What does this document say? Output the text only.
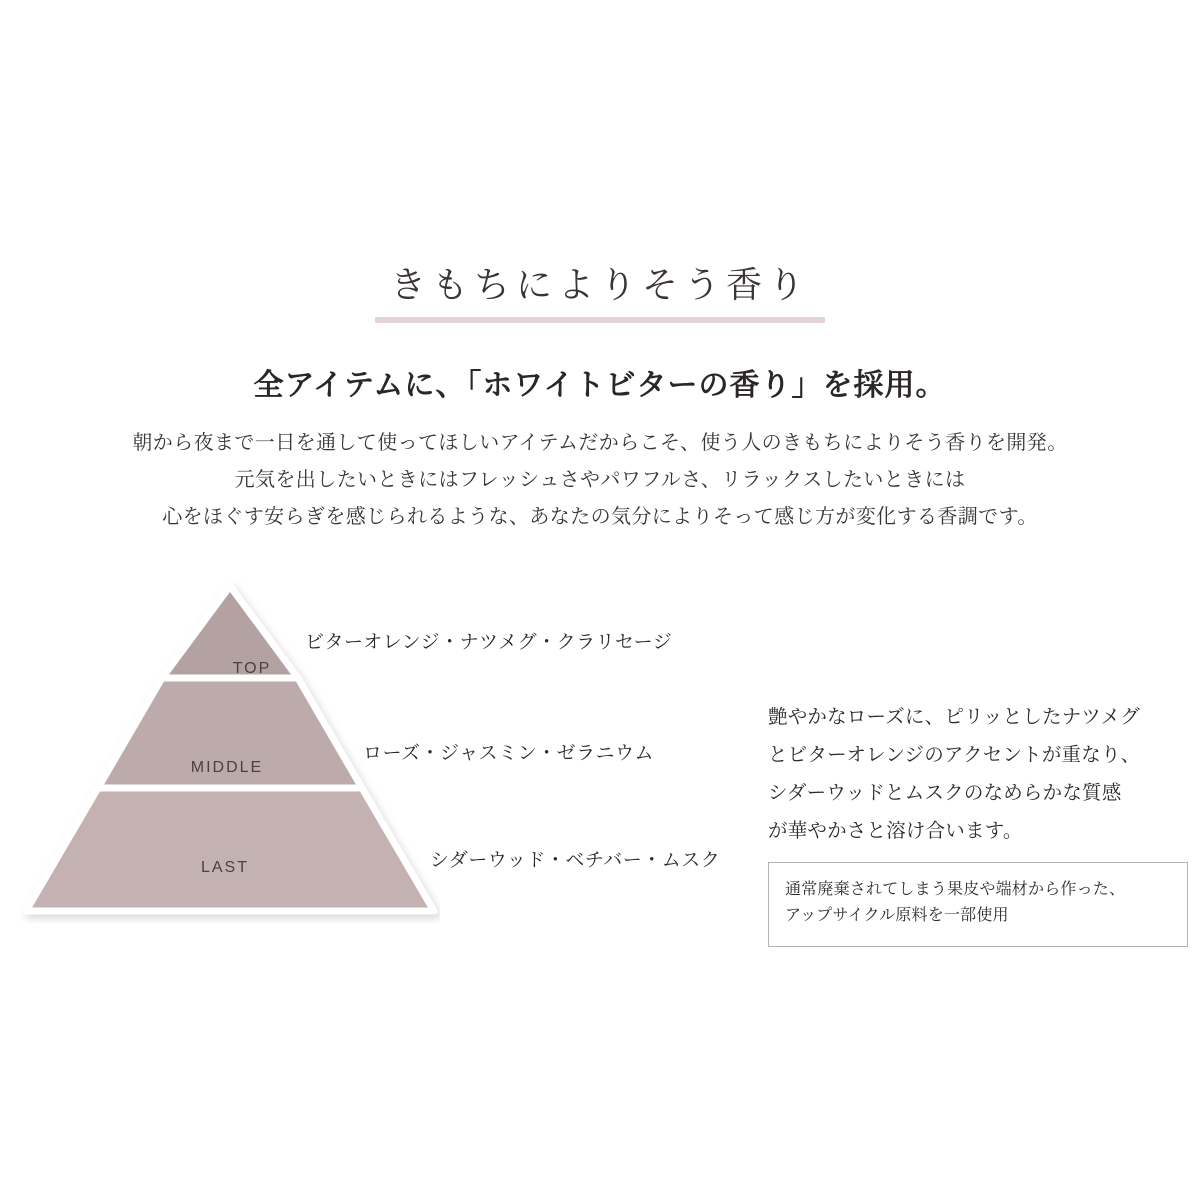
きもちによりそう香り
全アイテムに、「ホワイトビターの香り」を採用。

朝から夜まで一日を通して使ってほしいアイテムだからこそ、使う人のきもちによりそう香りを開発。

元気を出したいときにはフレッシュさやパワフルさ、リラックスしたいときには

心をほぐす安らぎを感じられるような、あなたの気分によりそって感じ方が変化する香調です。

TOP
MIDDLE
LAST
ビターオレンジ・ナツメグ・クラリセージ
ローズ・ジャスミン・ゼラニウム
シダーウッド・ベチバー・ムスク

艶やかなローズに、ピリッとしたナツメグ

とビターオレンジのアクセントが重なり、

シダーウッドとムスクのなめらかな質感

が華やかさと溶け合います。

通常廃棄されてしまう果皮や端材から作った、

アップサイクル原料を一部使用
